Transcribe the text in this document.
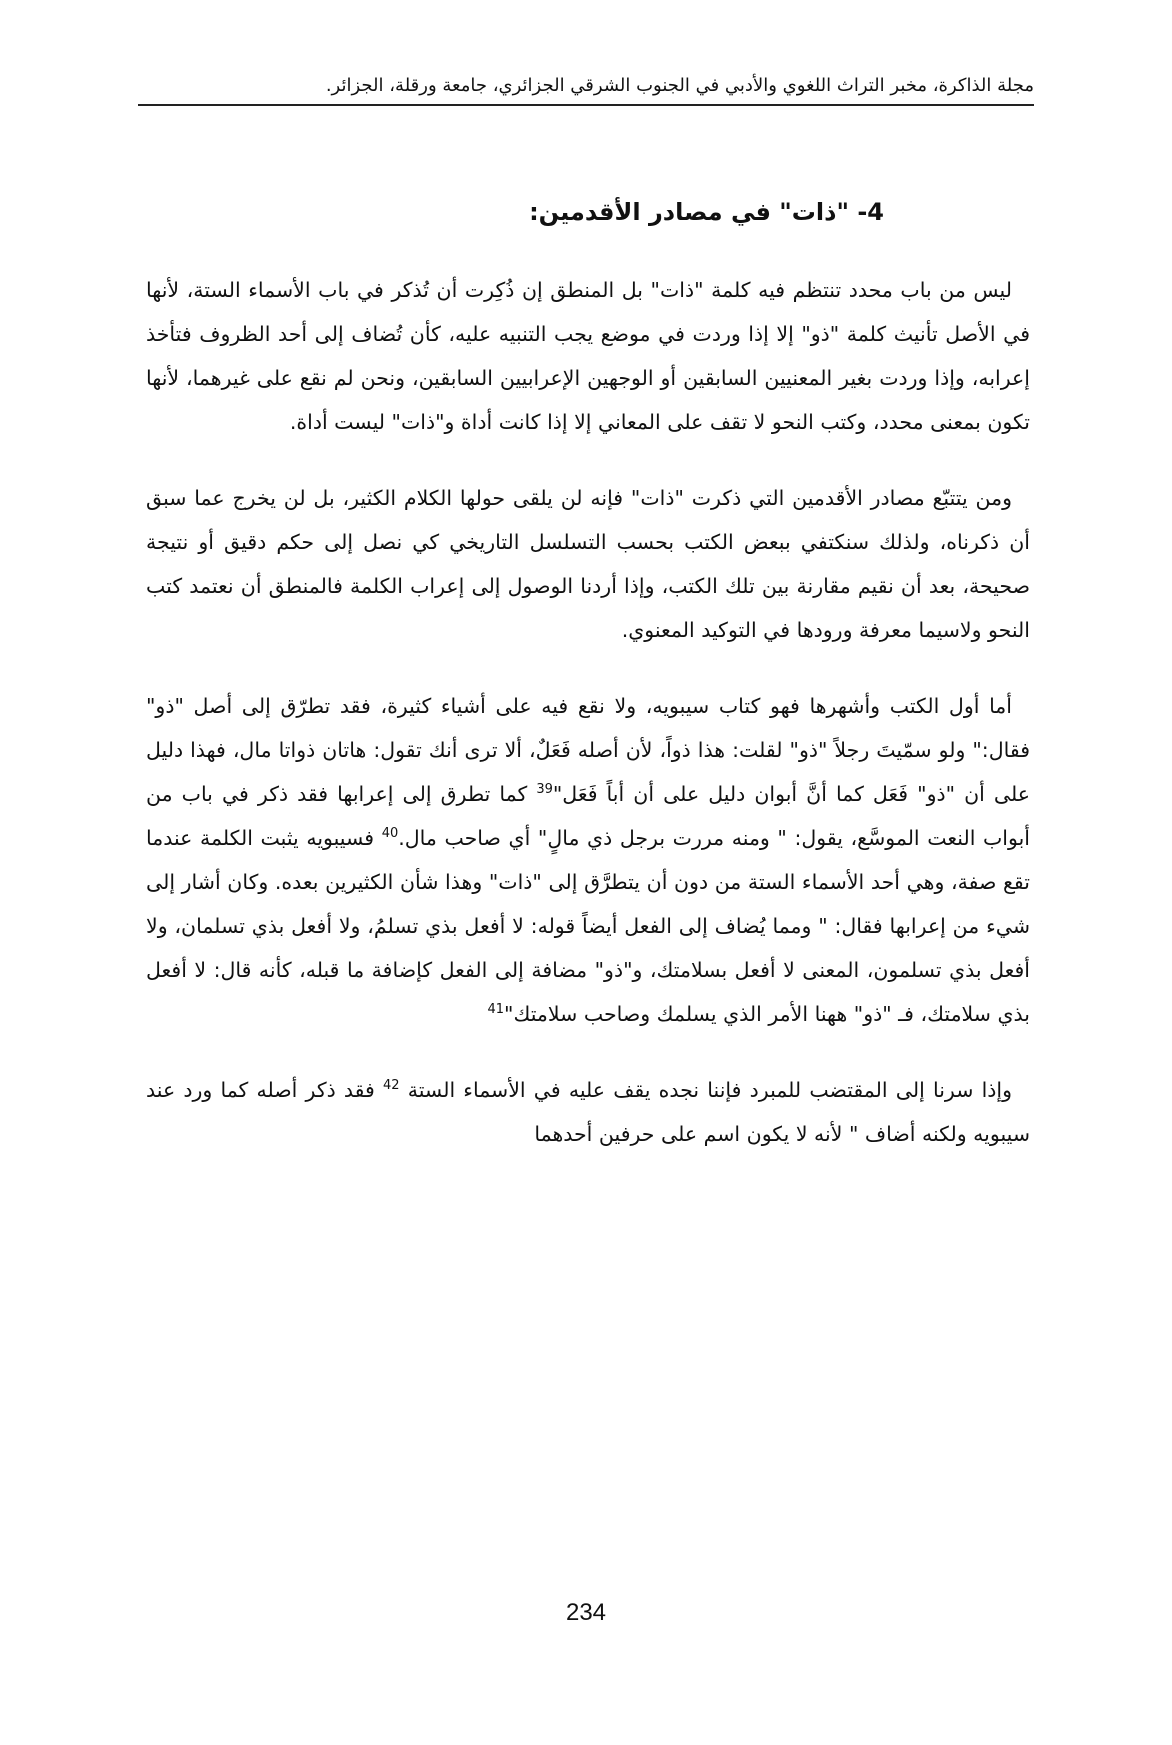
مجلة الذاكرة، مخبر التراث اللغوي والأدبي في الجنوب الشرقي الجزائري، جامعة ورقلة، الجزائر.
4- "ذات" في مصادر الأقدمين:

ليس من باب محدد تنتظم فيه كلمة "ذات" بل المنطق إن ذُكِرت أن تُذكر في باب الأسماء الستة، لأنها في الأصل تأنيث كلمة "ذو" إلا إذا وردت في موضع يجب التنبيه عليه، كأن تُضاف إلى أحد الظروف فتأخذ إعرابه، وإذا وردت بغير المعنيين السابقين أو الوجهين الإعرابيين السابقين، ونحن لم نقع على غيرهما، لأنها تكون بمعنى محدد، وكتب النحو لا تقف على المعاني إلا إذا كانت أداة و"ذات" ليست أداة.

ومن يتتبّع مصادر الأقدمين التي ذكرت "ذات" فإنه لن يلقى حولها الكلام الكثير، بل لن يخرج عما سبق أن ذكرناه، ولذلك سنكتفي ببعض الكتب بحسب التسلسل التاريخي كي نصل إلى حكم دقيق أو نتيجة صحيحة، بعد أن نقيم مقارنة بين تلك الكتب، وإذا أردنا الوصول إلى إعراب الكلمة فالمنطق أن نعتمد كتب النحو ولاسيما معرفة ورودها في التوكيد المعنوي.

أما أول الكتب وأشهرها فهو كتاب سيبويه، ولا نقع فيه على أشياء كثيرة، فقد تطرّق إلى أصل "ذو" فقال:" ولو سمّيتَ رجلاً "ذو" لقلت: هذا ذواً، لأن أصله فَعَلٌ، ألا ترى أنك تقول: هاتان ذواتا مال، فهذا دليل على أن "ذو" فَعَل كما أنَّ أبوان دليل على أن أباً فَعَل"$^{39}$ كما تطرق إلى إعرابها فقد ذكر في باب من أبواب النعت الموسَّع، يقول: " ومنه مررت برجل ذي مالٍ" أي صاحب مال.$^{40}$ فسيبويه يثبت الكلمة عندما تقع صفة، وهي أحد الأسماء الستة من دون أن يتطرَّق إلى "ذات" وهذا شأن الكثيرين بعده. وكان أشار إلى شيء من إعرابها فقال: " ومما يُضاف إلى الفعل أيضاً قوله: لا أفعل بذي تسلمُ، ولا أفعل بذي تسلمان، ولا أفعل بذي تسلمون، المعنى لا أفعل بسلامتك، و"ذو" مضافة إلى الفعل كإضافة ما قبله، كأنه قال: لا أفعل بذي سلامتك، فـ "ذو" ههنا الأمر الذي يسلمك وصاحب سلامتك"$^{41}$

وإذا سرنا إلى المقتضب للمبرد فإننا نجده يقف عليه في الأسماء الستة $^{42}$ فقد ذكر أصله كما ورد عند سيبويه ولكنه أضاف " لأنه لا يكون اسم على حرفين أحدهما

234
